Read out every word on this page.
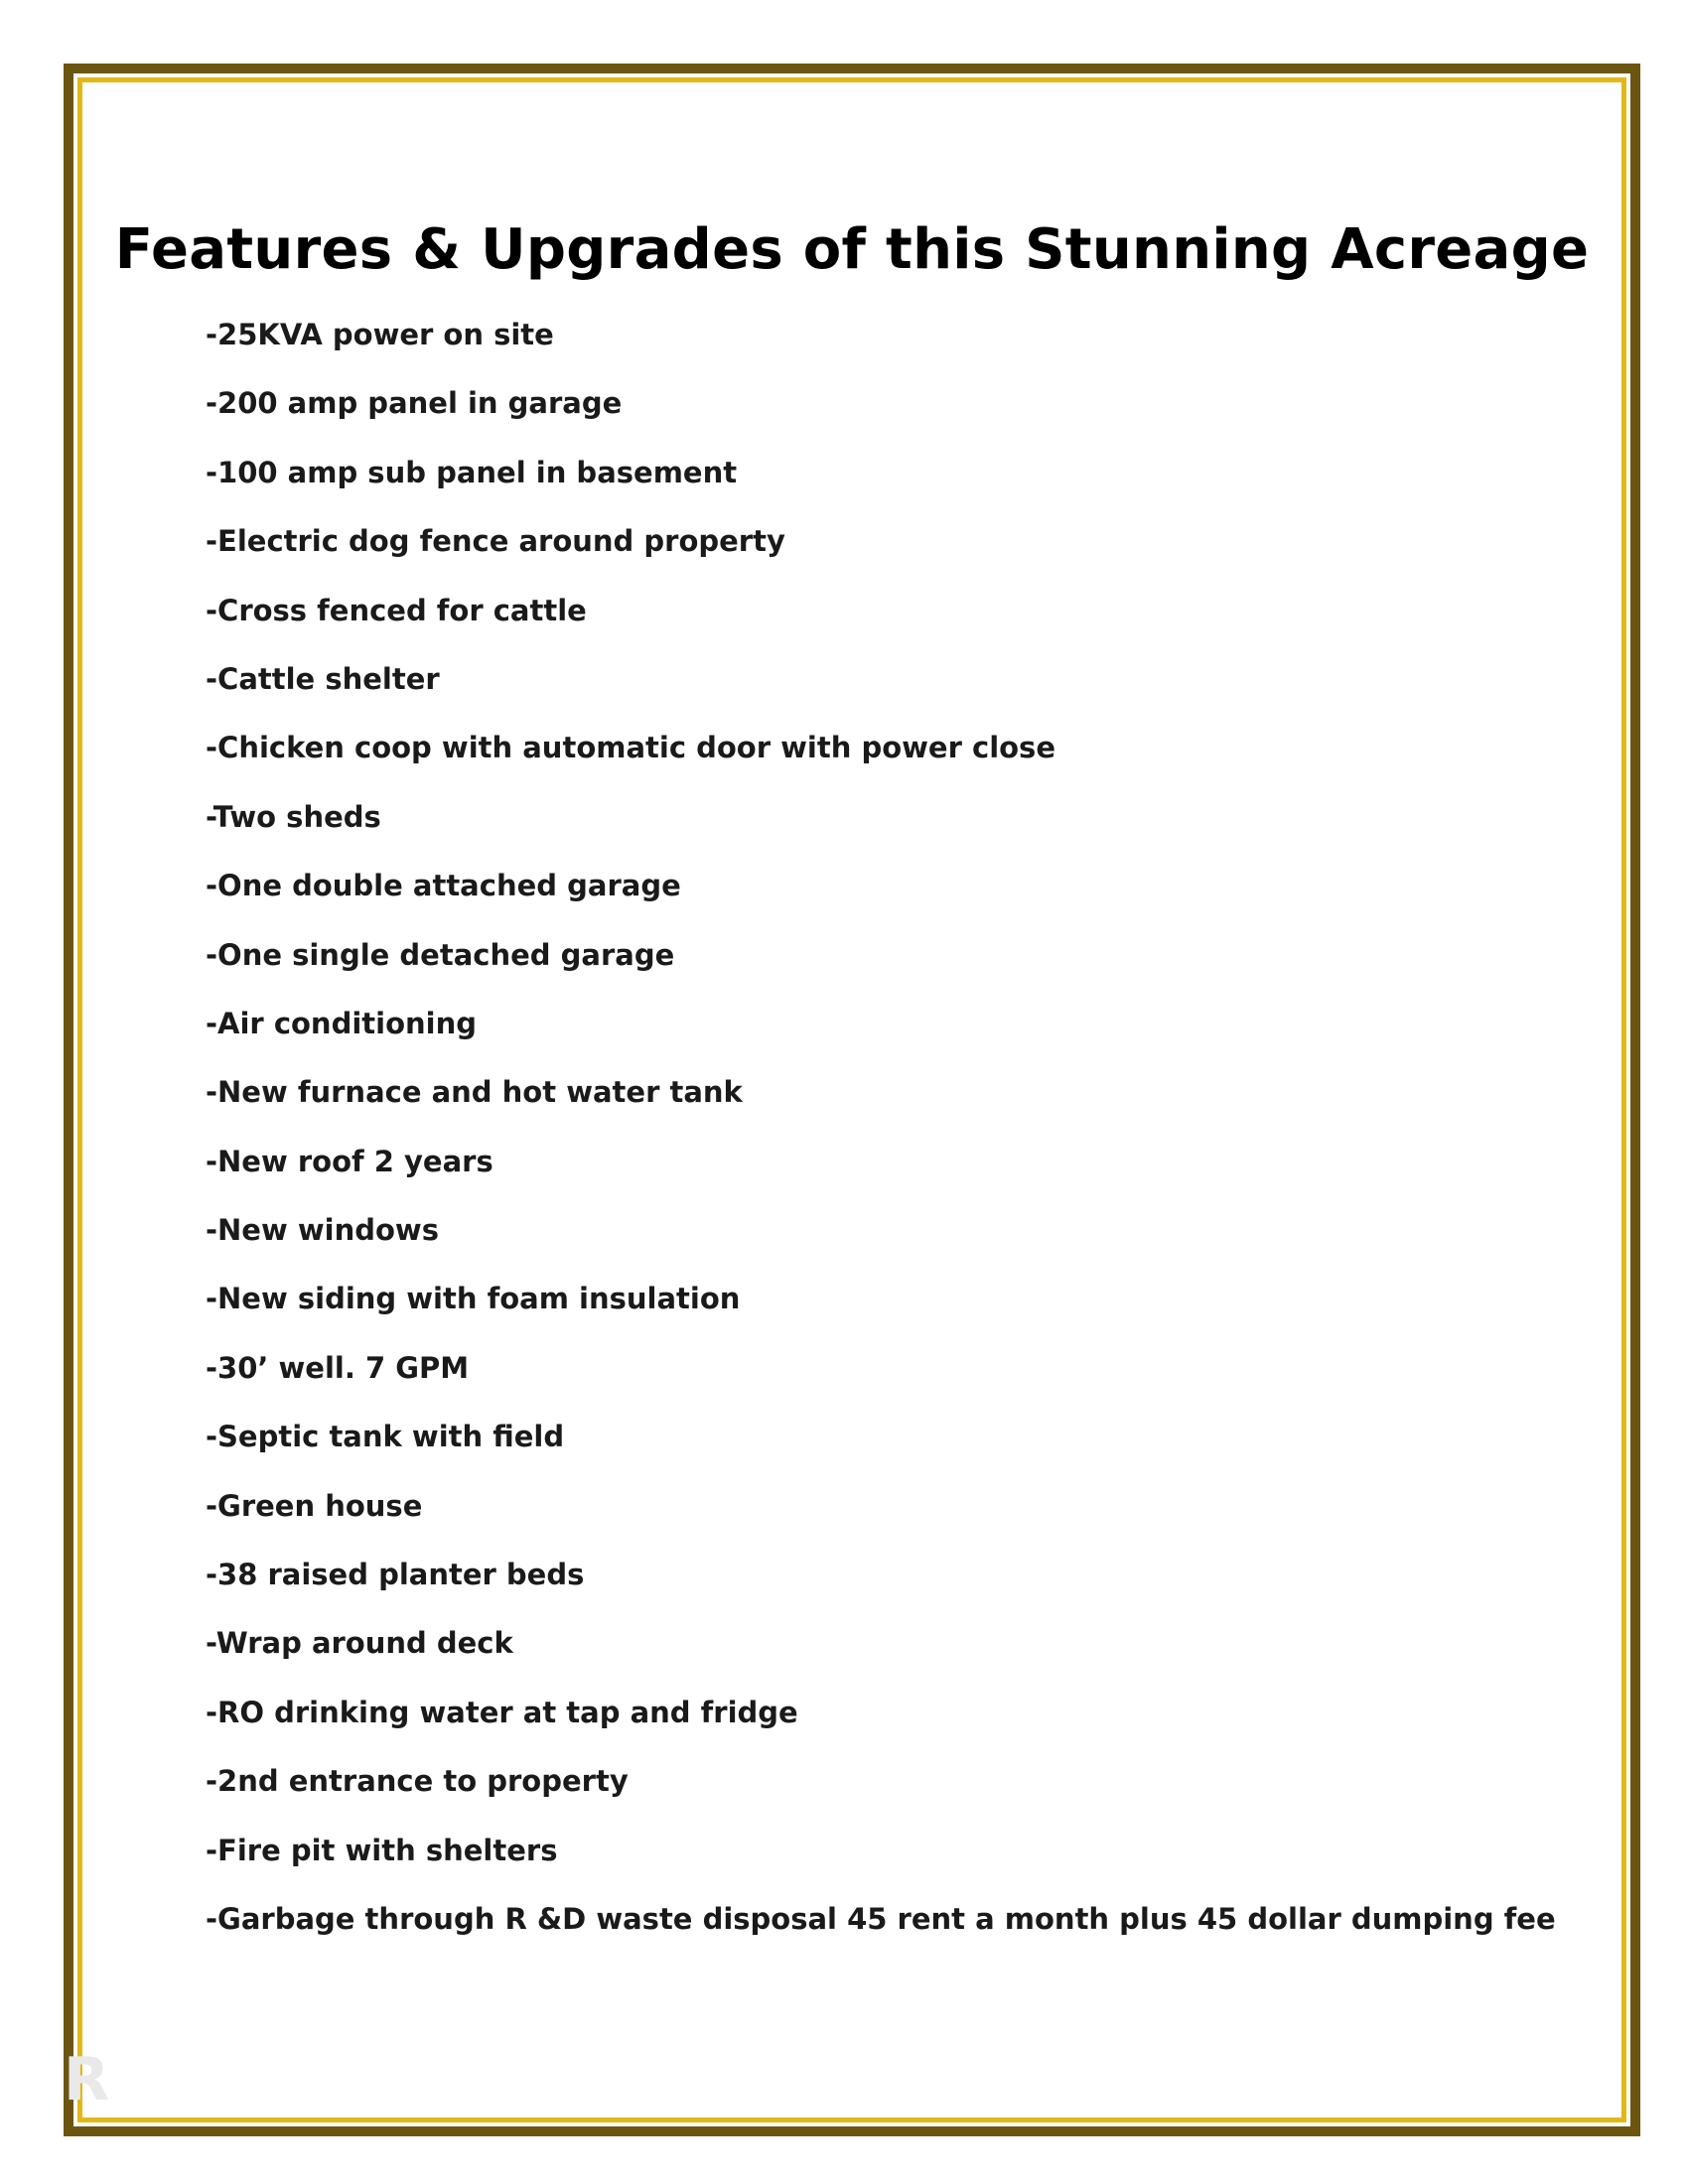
Features & Upgrades of this Stunning Acreage
-25KVA power on site
-200 amp panel in garage
-100 amp sub panel in basement
-Electric dog fence around property
-Cross fenced for cattle
-Cattle shelter
-Chicken coop with automatic door with power close
-Two sheds
-One double attached garage
-One single detached garage
-Air conditioning
-New furnace and hot water tank
-New roof 2 years
-New windows
-New siding with foam insulation
-30’ well. 7 GPM
-Septic tank with field
-Green house
-38 raised planter beds
-Wrap around deck
-RO drinking water at tap and fridge
-2nd entrance to property
-Fire pit with shelters
-Garbage through R &D waste disposal 45 rent a month plus 45 dollar dumping fee
R
